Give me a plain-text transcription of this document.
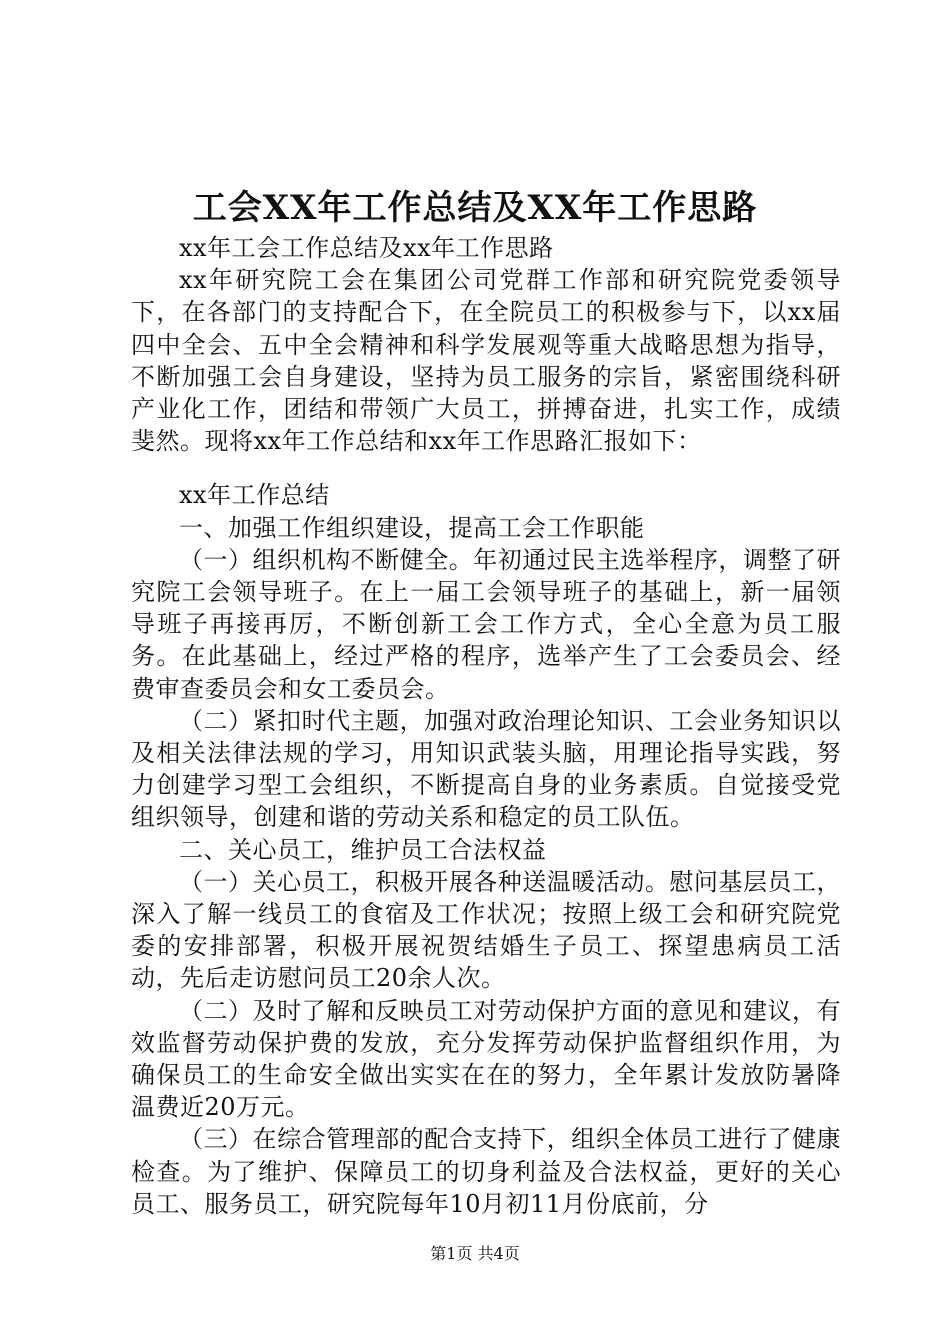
工会XX年工作总结及XX年工作思路

xx年工会工作总结及xx年工作思路

xx年研究院工会在集团公司党群工作部和研究院党委领导下，在各部门的支持配合下，在全院员工的积极参与下，以xx届四中全会、五中全会精神和科学发展观等重大战略思想为指导，不断加强工会自身建设，坚持为员工服务的宗旨，紧密围绕科研产业化工作，团结和带领广大员工，拼搏奋进，扎实工作，成绩斐然。现将xx年工作总结和xx年工作思路汇报如下：

xx年工作总结

一、加强工作组织建设，提高工会工作职能

（一）组织机构不断健全。年初通过民主选举程序，调整了研究院工会领导班子。在上一届工会领导班子的基础上，新一届领导班子再接再厉，不断创新工会工作方式，全心全意为员工服务。在此基础上，经过严格的程序，选举产生了工会委员会、经费审查委员会和女工委员会。

（二）紧扣时代主题，加强对政治理论知识、工会业务知识以及相关法律法规的学习，用知识武装头脑，用理论指导实践，努力创建学习型工会组织，不断提高自身的业务素质。自觉接受党组织领导，创建和谐的劳动关系和稳定的员工队伍。

二、关心员工，维护员工合法权益

（一）关心员工，积极开展各种送温暖活动。慰问基层员工，深入了解一线员工的食宿及工作状况；按照上级工会和研究院党委的安排部署，积极开展祝贺结婚生子员工、探望患病员工活动，先后走访慰问员工20余人次。

（二）及时了解和反映员工对劳动保护方面的意见和建议，有效监督劳动保护费的发放，充分发挥劳动保护监督组织作用，为确保员工的生命安全做出实实在在的努力，全年累计发放防暑降温费近20万元。

（三）在综合管理部的配合支持下，组织全体员工进行了健康检查。为了维护、保障员工的切身利益及合法权益，更好的关心员工、服务员工，研究院每年10月初11月份底前，分

第1页 共4页
